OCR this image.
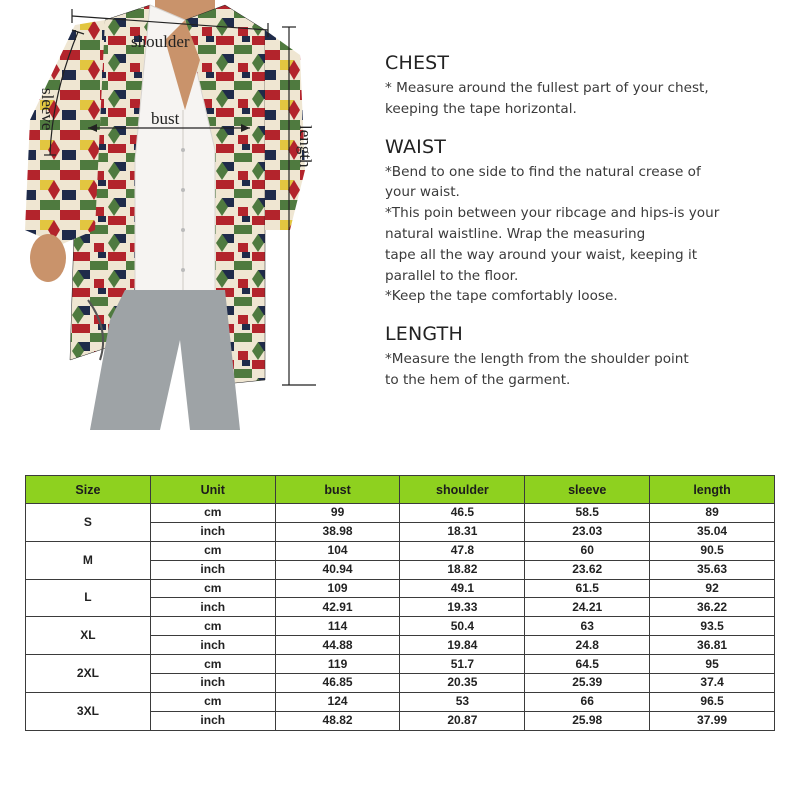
shoulder
bust
sleeve
length
CHEST

* Measure around the fullest part of your chest,

keeping the tape horizontal.

WAIST

*Bend to one side to find the natural crease of

your waist.

*This poin between your ribcage and hips-is your

natural waistline. Wrap the measuring

tape all the way around your waist, keeping it

parallel to the floor.

*Keep the tape comfortably loose.

LENGTH

*Measure the length from the shoulder point

to the hem of the garment.

Size	Unit	bust	shoulder	sleeve	length
S	cm	99	46.5	58.5	89
	inch	38.98	18.31	23.03	35.04
M	cm	104	47.8	60	90.5
	inch	40.94	18.82	23.62	35.63
L	cm	109	49.1	61.5	92
	inch	42.91	19.33	24.21	36.22
XL	cm	114	50.4	63	93.5
	inch	44.88	19.84	24.8	36.81
2XL	cm	119	51.7	64.5	95
	inch	46.85	20.35	25.39	37.4
3XL	cm	124	53	66	96.5
	inch	48.82	20.87	25.98	37.99
